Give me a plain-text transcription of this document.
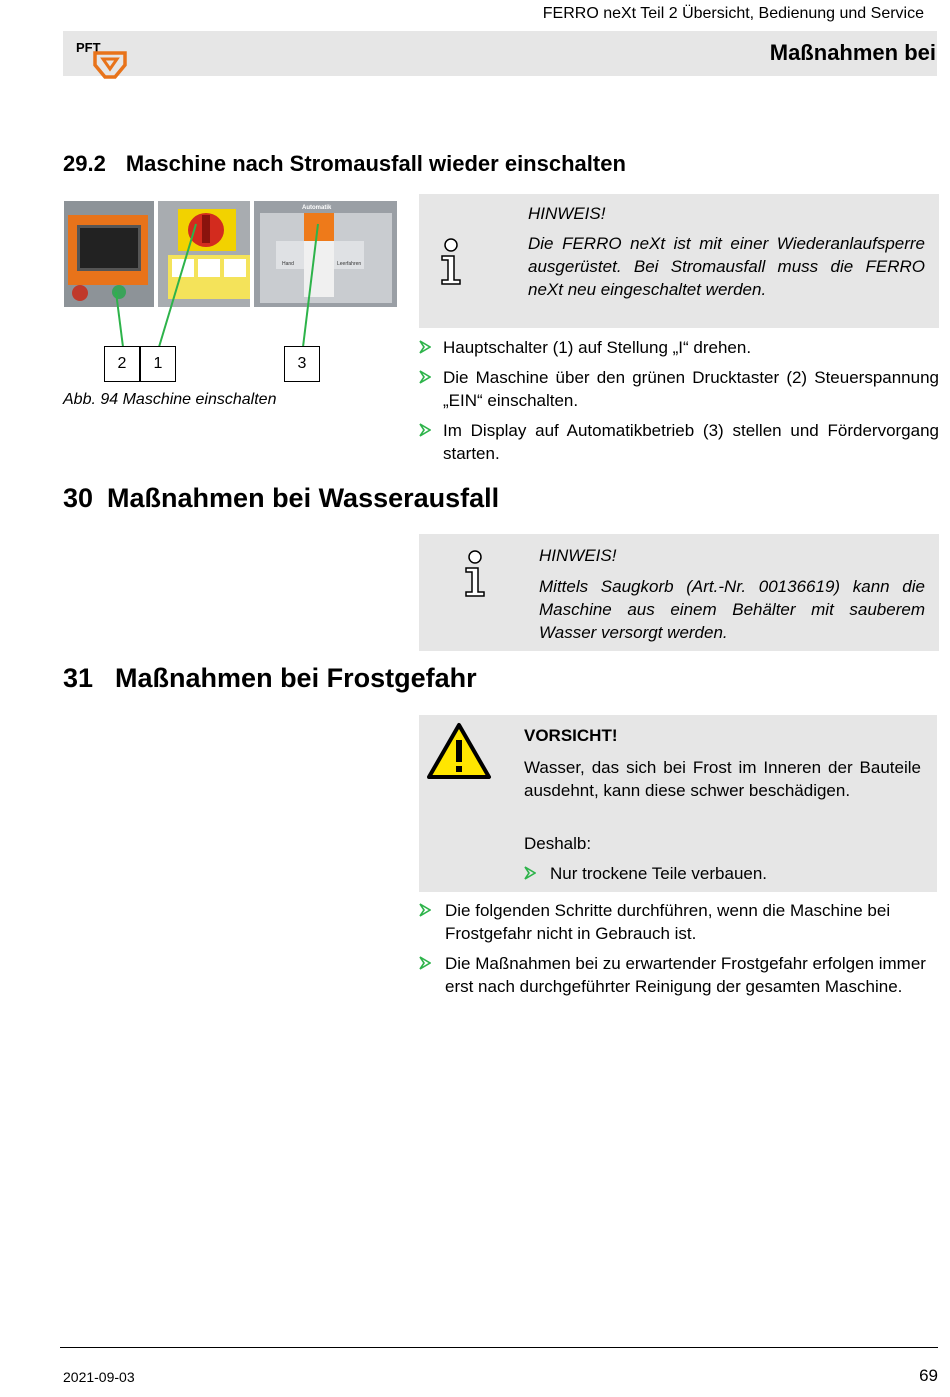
FERRO neXt Teil 2 Übersicht, Bedienung und Service
PFT	Maßnahmen bei
29.2 Maschine nach Stromausfall wieder einschalten
Automatik
Hand	Leerfahren
2	1	3
Abb. 94 Maschine einschalten
HINWEIS!
Die FERRO neXt ist mit einer Wiederanlaufsperre ausgerüstet. Bei Stromausfall muss die FERRO neXt neu eingeschaltet werden.
Hauptschalter (1) auf Stellung „I“ drehen.
Die Maschine über den grünen Drucktaster (2) Steuerspannung „EIN“ einschalten.
Im Display auf Automatikbetrieb (3) stellen und Fördervorgang starten.
30 Maßnahmen bei Wasserausfall
HINWEIS!
Mittels Saugkorb (Art.-Nr. 00136619) kann die Maschine aus einem Behälter mit sauberem Wasser versorgt werden.
31 Maßnahmen bei Frostgefahr
VORSICHT!
Wasser, das sich bei Frost im Inneren der Bauteile ausdehnt, kann diese schwer beschädigen.
Deshalb:
Nur trockene Teile verbauen.
Die folgenden Schritte durchführen, wenn die Maschine bei Frostgefahr nicht in Gebrauch ist.
Die Maßnahmen bei zu erwartender Frostgefahr erfolgen immer erst nach durchgeführter Reinigung der gesamten Maschine.
2021-09-03	69
